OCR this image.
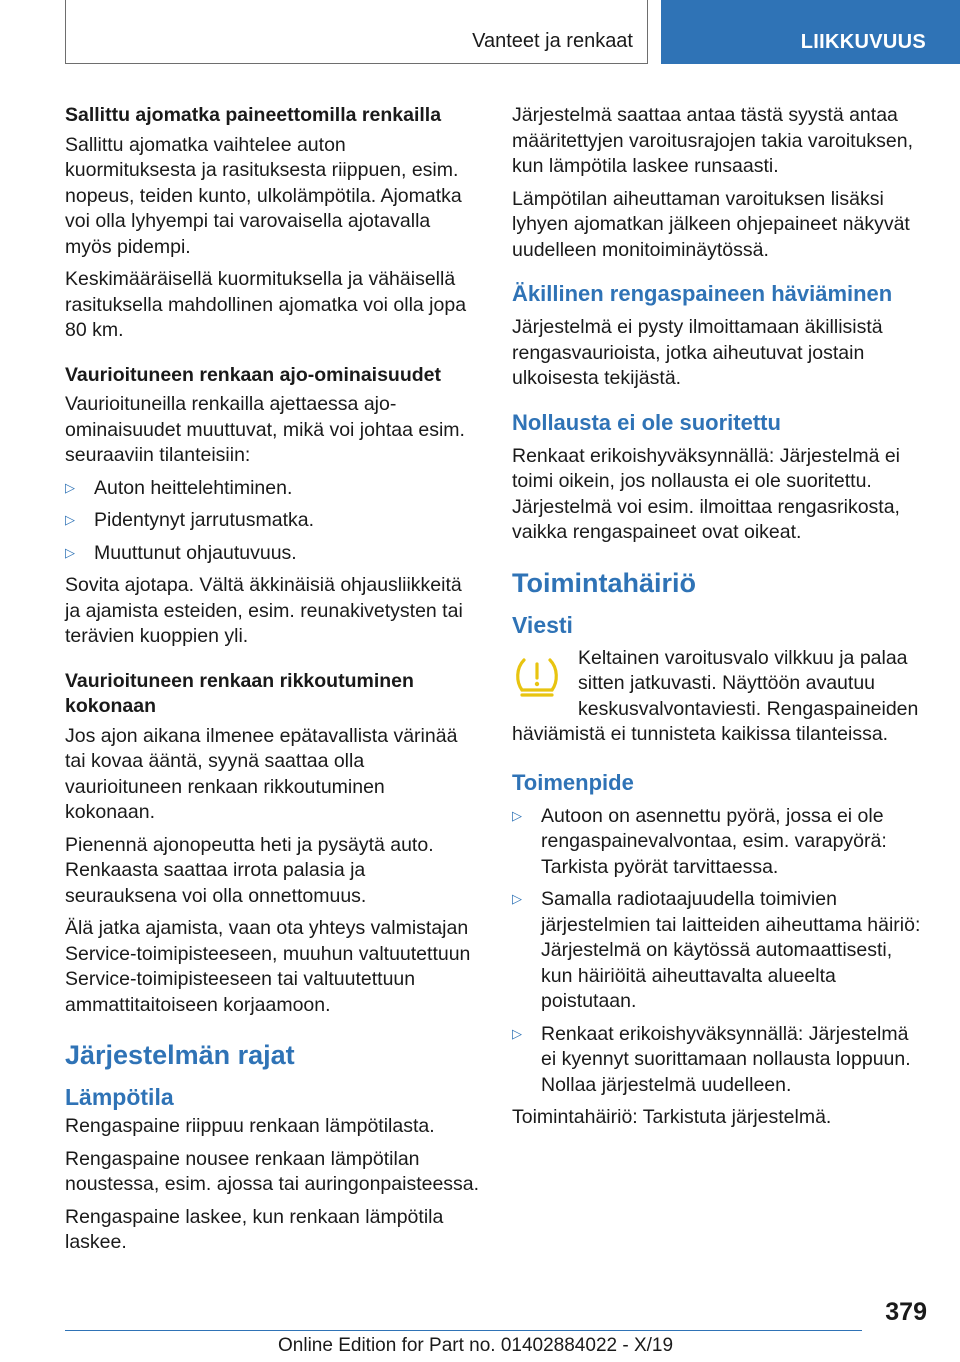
Vanteet ja renkaat	LIIKKUVUUS
Sallittu ajomatka paineettomilla renkailla

Sallittu ajomatka vaihtelee auton kuormituksesta ja rasituksesta riippuen, esim. nopeus, teiden kunto, ulkolämpötila. Ajomatka voi olla lyhyempi tai varovaisella ajotavalla myös pidempi.

Keskimääräisellä kuormituksella ja vähäisellä rasituksella mahdollinen ajomatka voi olla jopa 80 km.

Vaurioituneen renkaan ajo-ominaisuudet

Vaurioituneilla renkailla ajettaessa ajo-ominaisuudet muuttuvat, mikä voi johtaa esim. seuraaviin tilanteisiin:

▷ Auton heittelehtiminen.
▷ Pidentynyt jarrutusmatka.
▷ Muuttunut ohjautuvuus.

Sovita ajotapa. Vältä äkkinäisiä ohjausliikkeitä ja ajamista esteiden, esim. reunakivetysten tai terävien kuoppien yli.

Vaurioituneen renkaan rikkoutuminen kokonaan

Jos ajon aikana ilmenee epätavallista värinää tai kovaa ääntä, syynä saattaa olla vaurioituneen renkaan rikkoutuminen kokonaan.

Pienennä ajonopeutta heti ja pysäytä auto. Renkaasta saattaa irrota palasia ja seurauksena voi olla onnettomuus.

Älä jatka ajamista, vaan ota yhteys valmistajan Service-toimipisteeseen, muuhun valtuutettuun Service-toimipisteeseen tai valtuutettuun ammattitaitoiseen korjaamoon.

Järjestelmän rajat
Lämpötila

Rengaspaine riippuu renkaan lämpötilasta.

Rengaspaine nousee renkaan lämpötilan noustessa, esim. ajossa tai auringonpaisteessa.

Rengaspaine laskee, kun renkaan lämpötila laskee.

Järjestelmä saattaa antaa tästä syystä antaa määritettyjen varoitusrajojen takia varoituksen, kun lämpötila laskee runsaasti.

Lämpötilan aiheuttaman varoituksen lisäksi lyhyen ajomatkan jälkeen ohjepaineet näkyvät uudelleen monitoiminäytössä.

Äkillinen rengaspaineen häviäminen

Järjestelmä ei pysty ilmoittamaan äkillisistä rengasvaurioista, jotka aiheutuvat jostain ulkoisesta tekijästä.

Nollausta ei ole suoritettu

Renkaat erikoishyväksynnällä: Järjestelmä ei toimi oikein, jos nollausta ei ole suoritettu. Järjestelmä voi esim. ilmoittaa rengasrikosta, vaikka rengaspaineet ovat oikeat.

Toimintahäiriö
Viesti

Keltainen varoitusvalo vilkkuu ja palaa sitten jatkuvasti. Näyttöön avautuu keskusvalvontaviesti. Rengaspaineiden häviämistä ei tunnisteta kaikissa tilanteissa.

Toimenpide
▷ Autoon on asennettu pyörä, jossa ei ole rengaspainevalvontaa, esim. varapyörä: Tarkista pyörät tarvittaessa.
▷ Samalla radiotaajuudella toimivien järjestelmien tai laitteiden aiheuttama häiriö: Järjestelmä on käytössä automaattisesti, kun häiriöitä aiheuttavalta alueelta poistutaan.
▷ Renkaat erikoishyväksynnällä: Järjestelmä ei kyennyt suorittamaan nollausta loppuun. Nollaa järjestelmä uudelleen.

Toimintahäiriö: Tarkistuta järjestelmä.

379
Online Edition for Part no. 01402884022 - X/19
